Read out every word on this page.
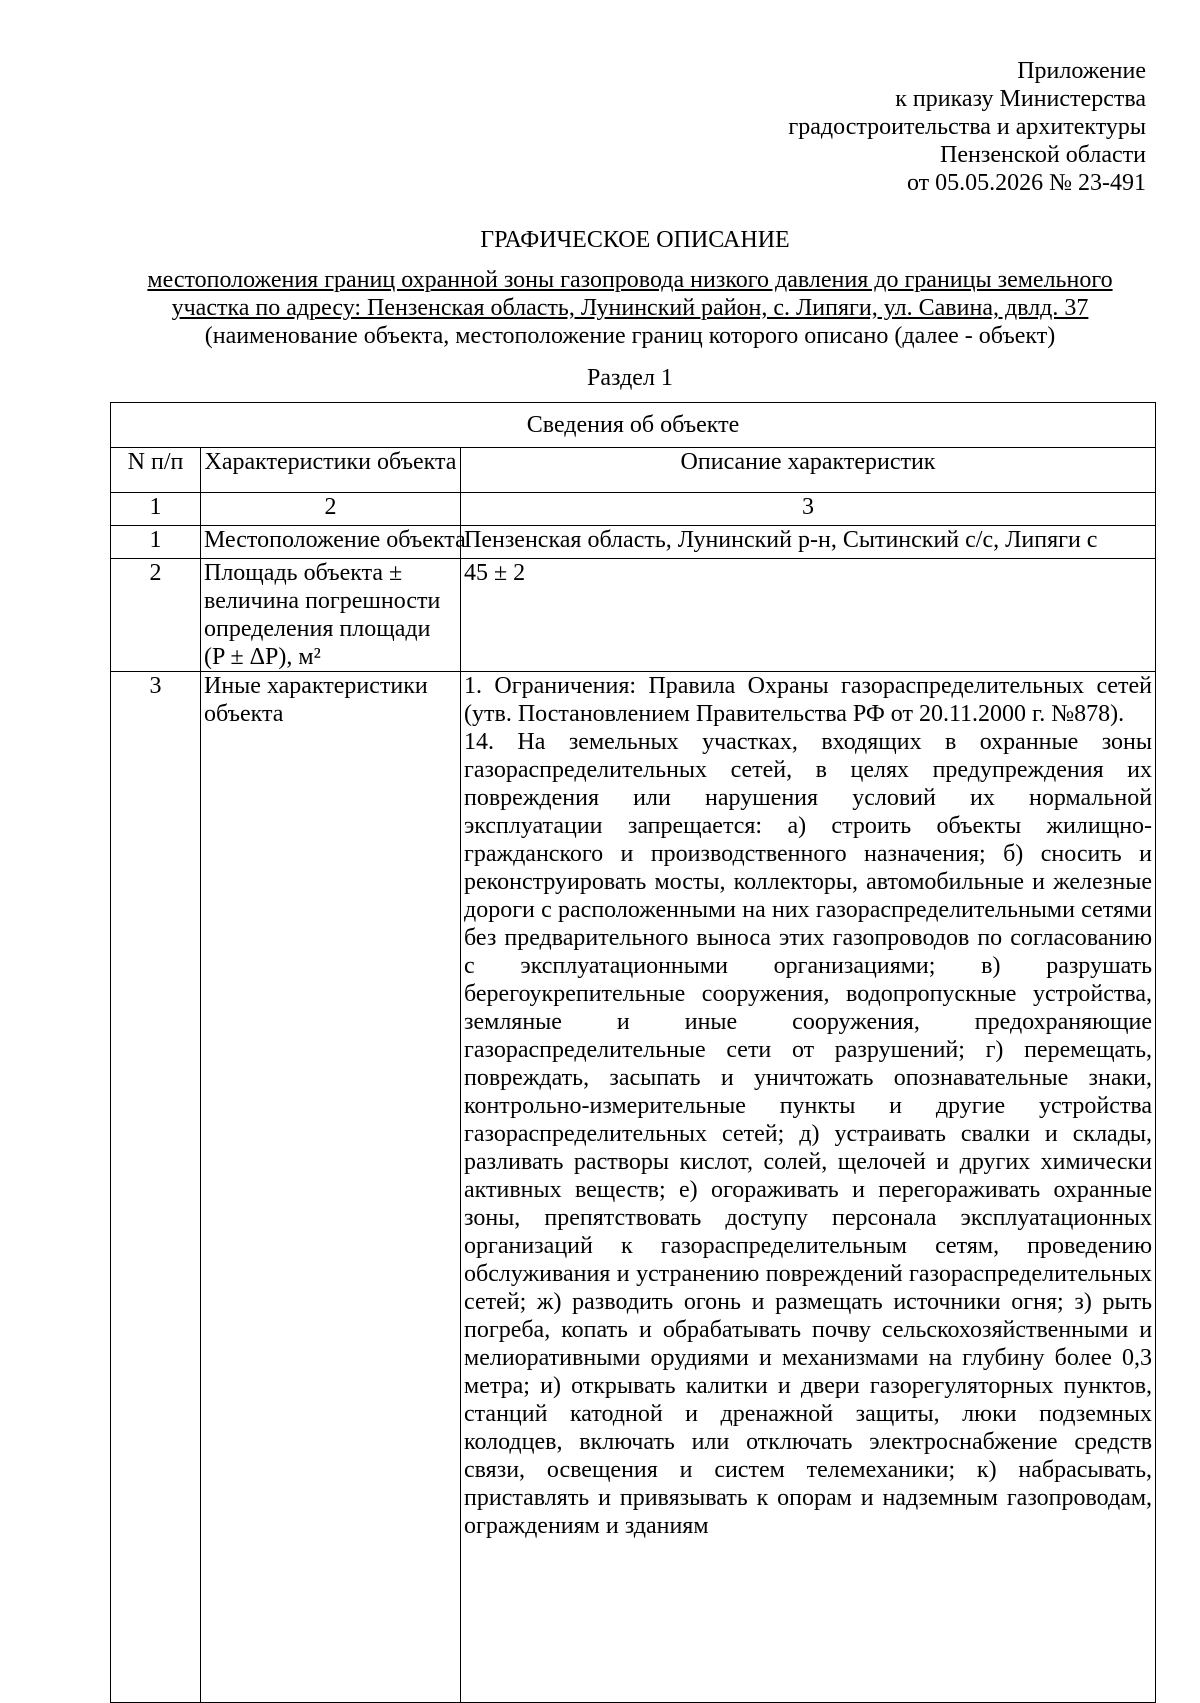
Приложение
к приказу Министерства
градостроительства и архитектуры
Пензенской области
от 05.05.2026 № 23-491
ГРАФИЧЕСКОЕ ОПИСАНИЕ
местоположения границ охранной зоны газопровода низкого давления до границы земельного
участка по адресу: Пензенская область, Лунинский район, с. Липяги, ул. Савина, двлд. 37
(наименование объекта, местоположение границ которого описано (далее - объект)
Раздел 1
Сведения об объекте		
N п/п	Характеристики объекта	Описание характеристик
1	2	3
1	Местоположение объекта	Пензенская область, Лунинский р-н, Сытинский с/с, Липяги с
2	Площадь объекта ± величина погрешности определения площади (P ± ΔP), м²	45 ± 2
3	Иные характеристики объекта	1. Ограничения: Правила Охраны газораспределительных сетей (утв. Постановлением Правительства РФ от 20.11.2000 г. №878).

14. На земельных участках, входящих в охранные зоны газораспределительных сетей, в целях предупреждения их повреждения или нарушения условий их нормальной эксплуатации запрещается: а) строить объекты жилищно-гражданского и производственного назначения; б) сносить и реконструировать мосты, коллекторы, автомобильные и железные дороги с расположенными на них газораспределительными сетями без предварительного выноса этих газопроводов по согласованию с эксплуатационными организациями; в) разрушать берегоукрепительные сооружения, водопропускные устройства, земляные и иные сооружения, предохраняющие газораспределительные сети от разрушений; г) перемещать, повреждать, засыпать и уничтожать опознавательные знаки, контрольно-измерительные пункты и другие устройства газораспределительных сетей; д) устраивать свалки и склады, разливать растворы кислот, солей, щелочей и других химически активных веществ; е) огораживать и перегораживать охранные зоны, препятствовать доступу персонала эксплуатационных организаций к газораспределительным сетям, проведению обслуживания и устранению повреждений газораспределительных сетей; ж) разводить огонь и размещать источники огня; з) рыть погреба, копать и обрабатывать почву сельскохозяйственными и мелиоративными орудиями и механизмами на глубину более 0,3 метра; и) открывать калитки и двери газорегуляторных пунктов, станций катодной и дренажной защиты, люки подземных колодцев, включать или отключать электроснабжение средств связи, освещения и систем телемеханики; к) набрасывать, приставлять и привязывать к опорам и надземным газопроводам, ограждениям и зданиям
